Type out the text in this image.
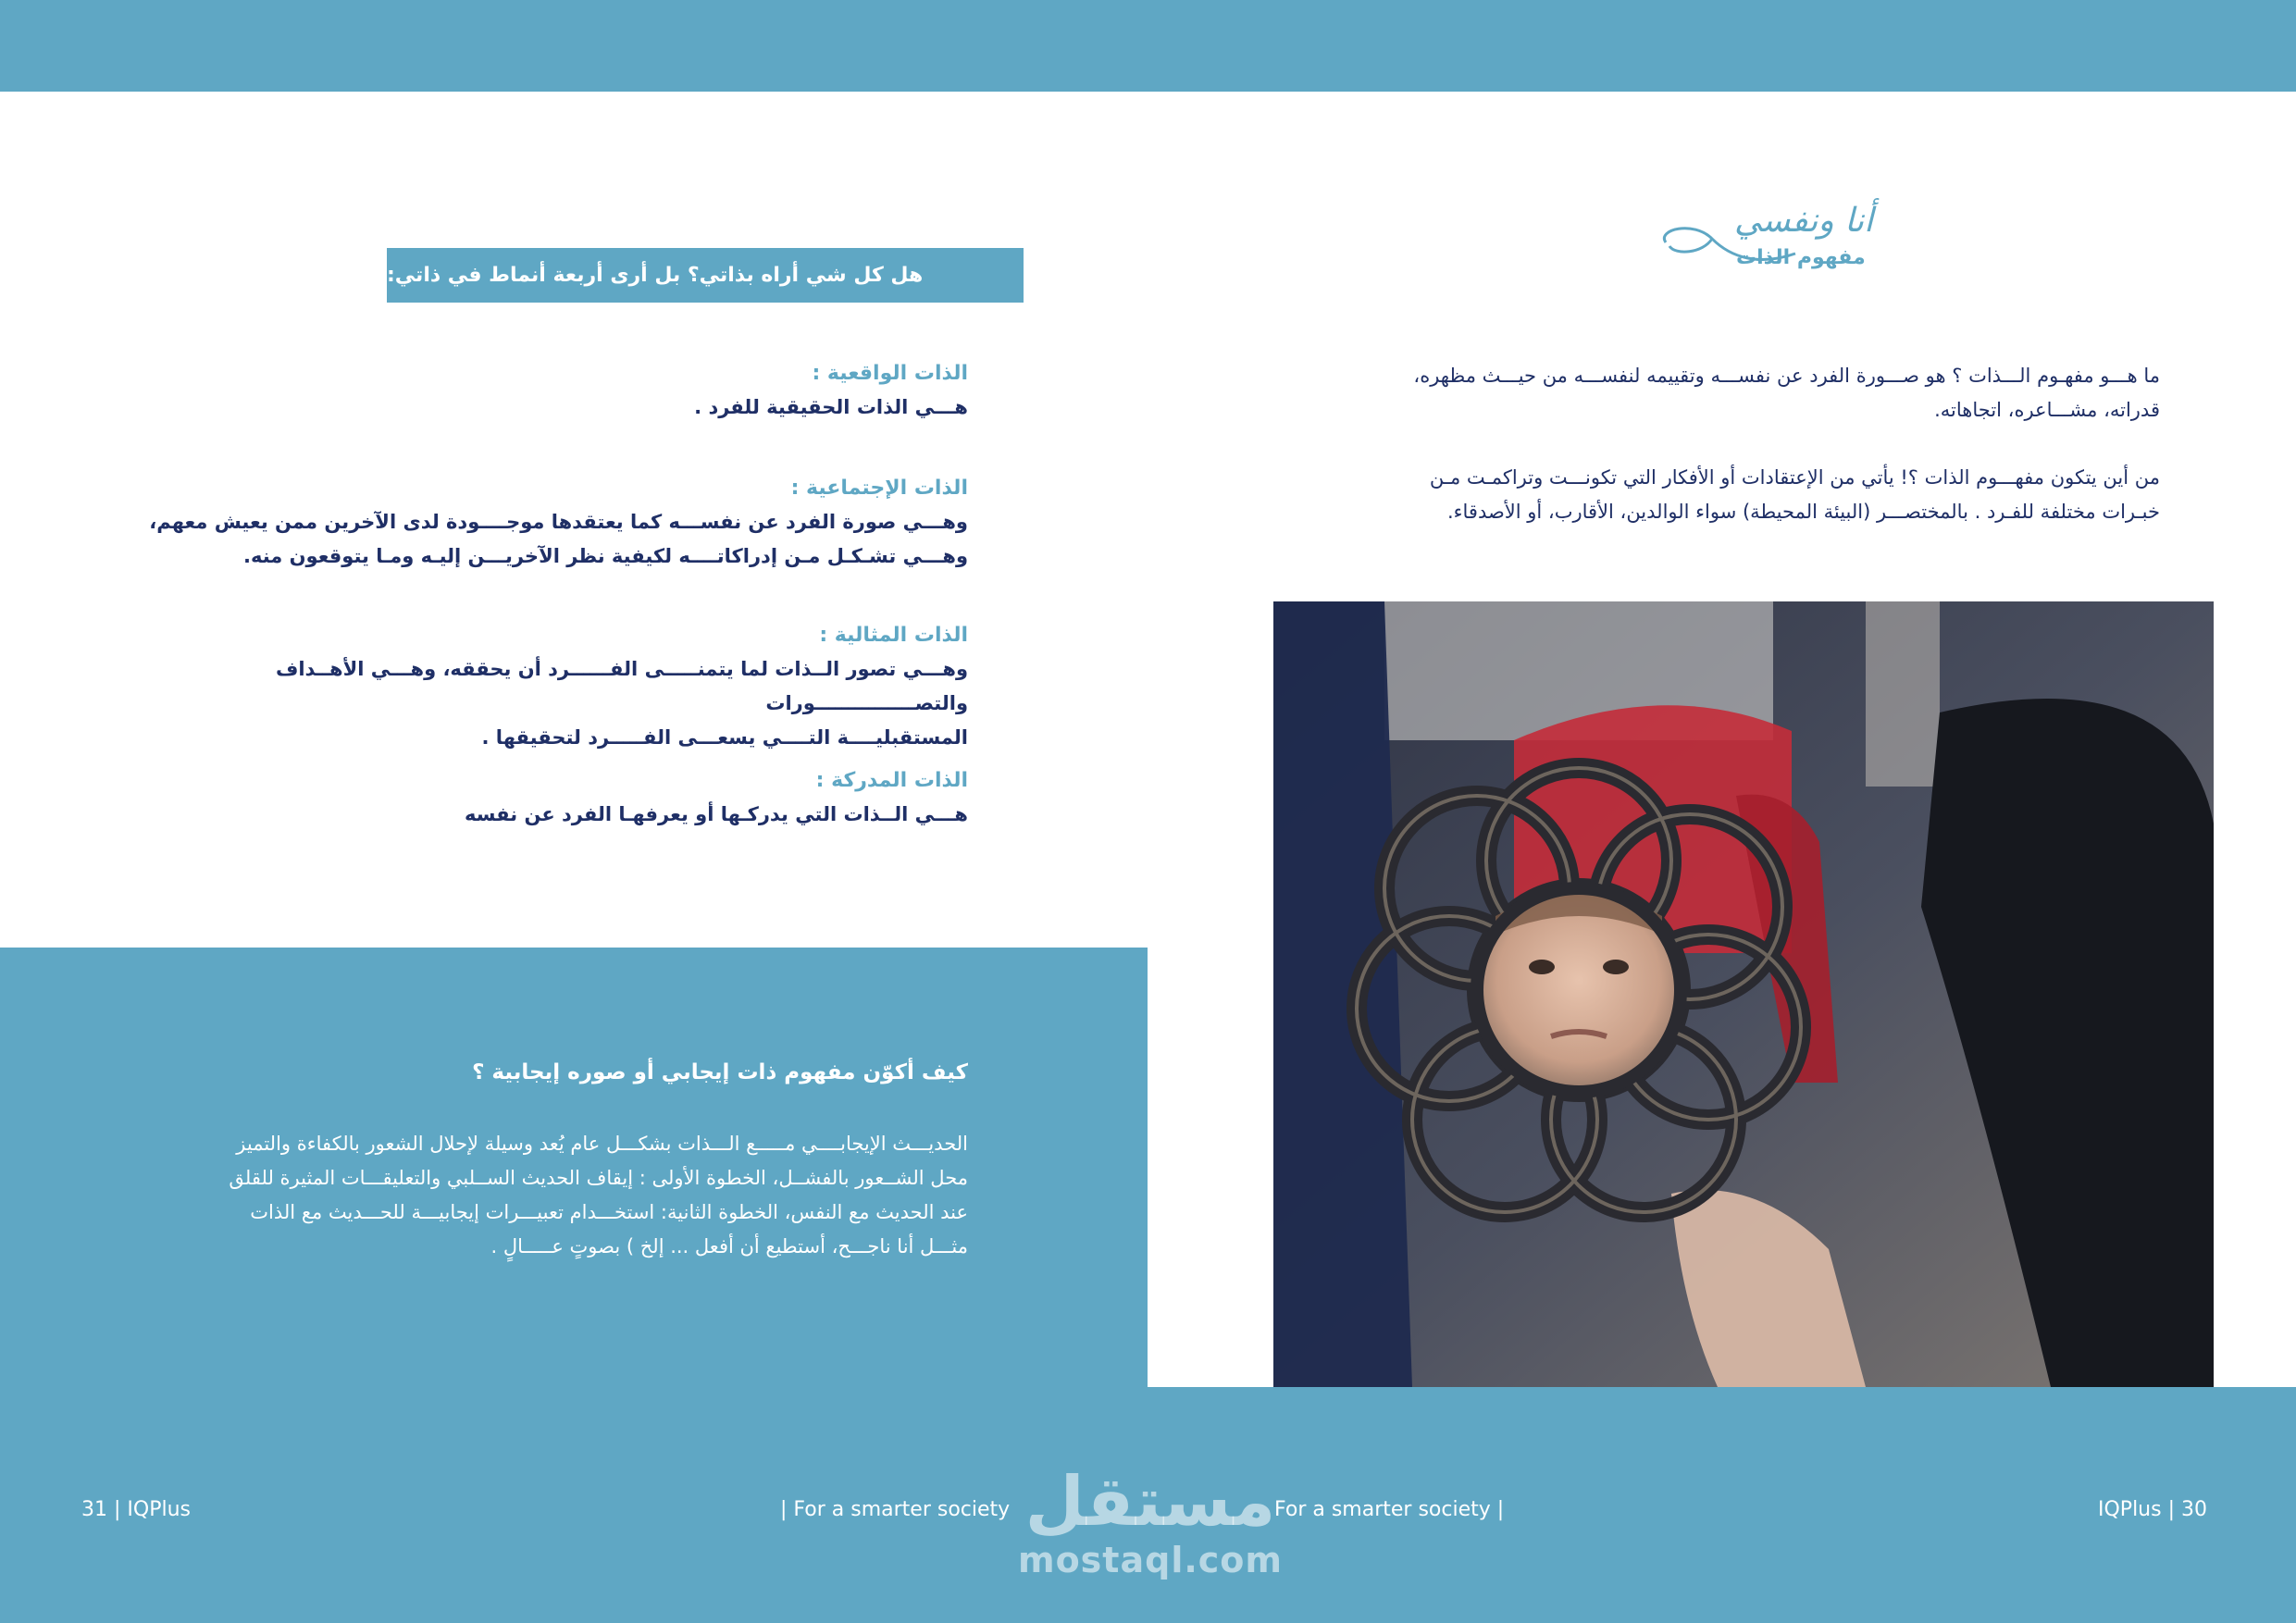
هل كل شي أراه بذاتي؟ بل أرى أربعة أنماط في ذاتي:
الذات الواقعية :
هـــي الذات الحقيقية للفرد .
الذات الإجتماعية :
وهـــي صورة الفرد عن نفســـه كما يعتقدها موجــــودة لدى الآخرين ممن يعيش معهم،
وهـــي تشـكـل مـن إدراكاتــــه لكيفية نظر الآخريـــن إليـه ومـا يتوقعون منه.
الذات المثالية :
وهـــي تصور الــذات لما يتمنـــــى الفــــــرد أن يحققه، وهـــي الأهــداف والتصـــــــــــــــورات
المستقبليــــة التــــي يسعـــى الفـــــرد لتحقيقها .
الذات المدركة :
هـــي الــذات التي يدركـها أو يعرفهـا الفرد عن نفسه
كيف أكوّن مفهوم ذات إيجابي أو صوره إيجابية ؟
الحديـــث الإيجابــــي مـــــع الـــذات بشكـــل عام يُعد وسيلة لإحلال الشعور بالكفاءة والتميز
محل الشــعور بالفشــل، الخطوة الأولى : إيقاف الحديث الســلبي والتعليقـــات المثيرة للقلق
عند الحديث مع النفس، الخطوة الثانية: استخـــدام تعبيـــرات إيجابيـــة للحـــديث مع الذات
مثـــل أنا ناجـــح، أستطيع أن أفعل ... إلخ ) بصوتٍ عـــــالٍ .
أنا ونفسي
مفهوم الذات
ما هـــو مفهـوم الـــذات ؟ هو صـــورة الفرد عن نفســـه وتقييمه لنفســـه من حيـــث مظهره،
قدراته، مشـــاعره، اتجاهاته.
من أين يتكون مفهـــوم الذات ؟! يأتي من الإعتقادات أو الأفكار التي تكونـــت وتراكمـت مـن
خبـرات مختلفة للفـرد . بالمختصـــر (البيئة المحيطة) سواء الوالدين، الأقارب، أو الأصدقاء.
31 | IQPlus	| For a smarter society	For a smarter society |	IQPlus | 30
مستقل
mostaql.com
